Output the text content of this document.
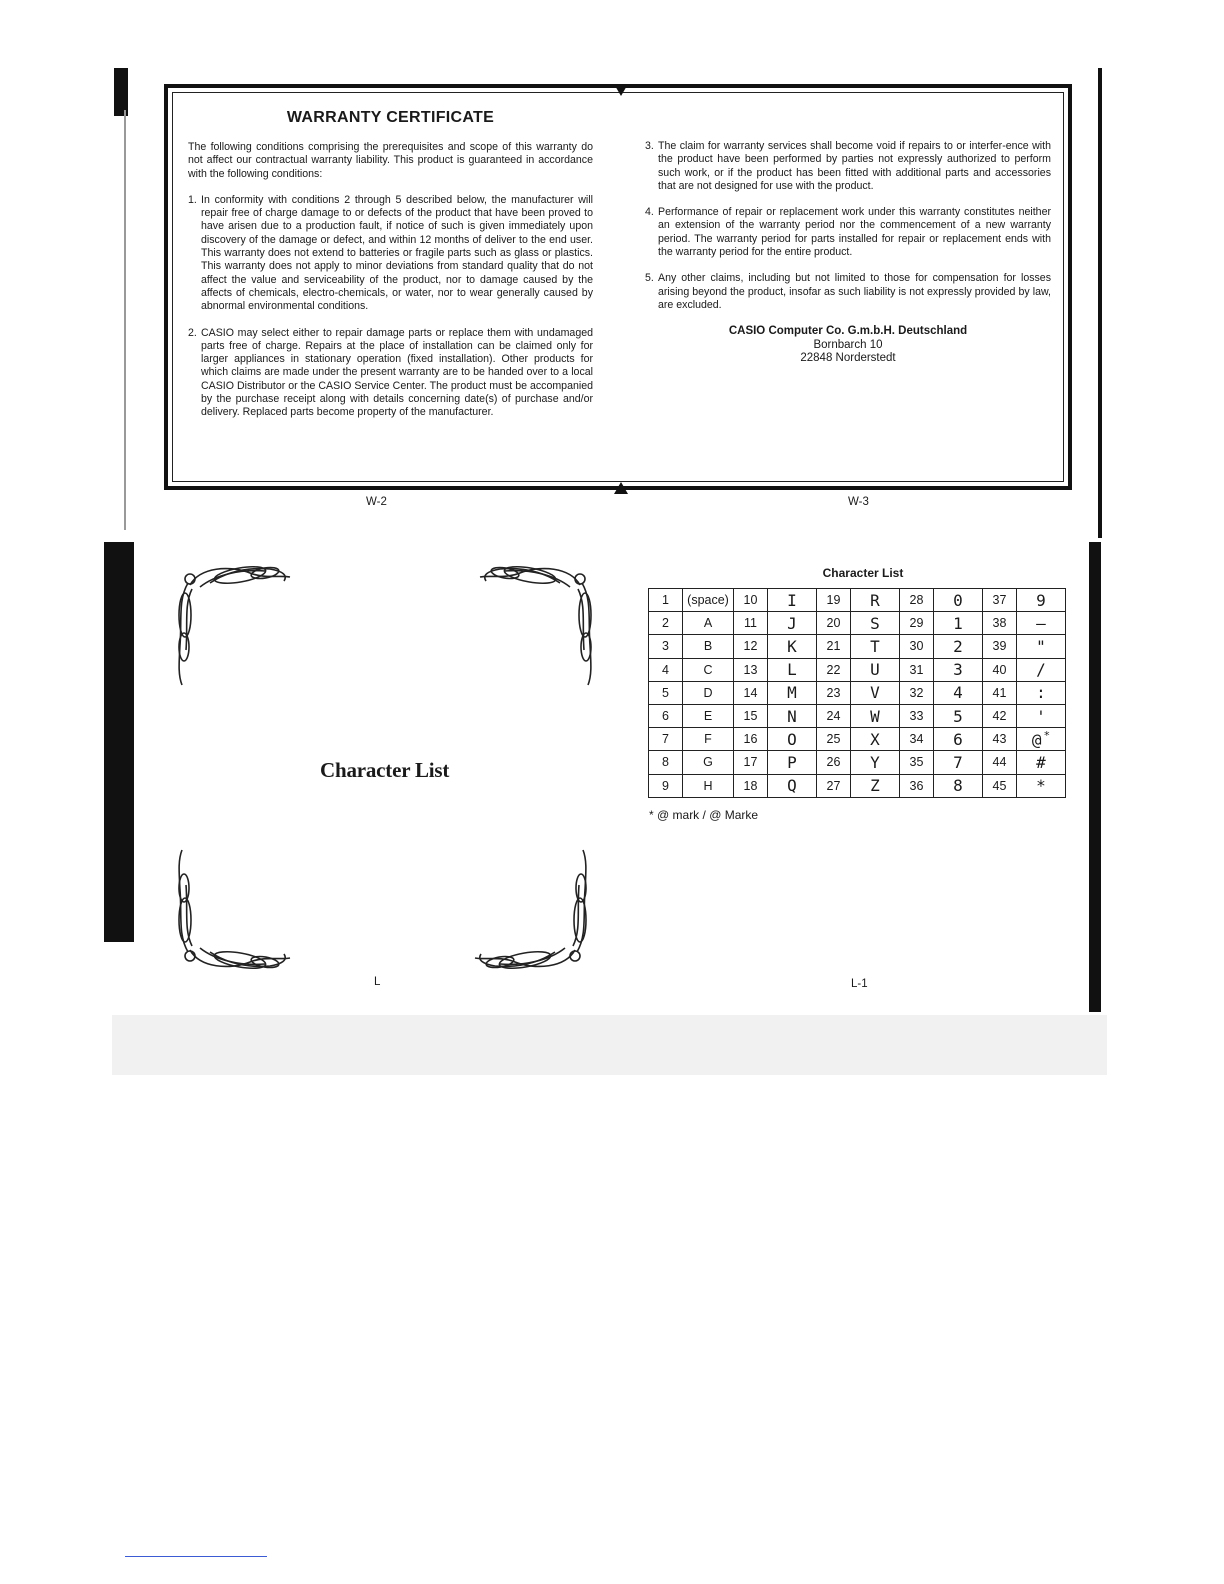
WARRANTY CERTIFICATE
The following conditions comprising the prerequisites and scope of this warranty do not affect our contractual warranty liability. This product is guaranteed in accordance with the following conditions:
1. In conformity with conditions 2 through 5 described below, the manufacturer will repair free of charge damage to or defects of the product that have been proved to have arisen due to a production fault, if notice of such is given immediately upon discovery of the damage or defect, and within 12 months of deliver to the end user. This warranty does not extend to batteries or fragile parts such as glass or plastics. This warranty does not apply to minor deviations from standard quality that do not affect the value and serviceability of the product, nor to damage caused by the affects of chemicals, electro-chemicals, or water, nor to wear generally caused by abnormal environmental conditions.
2. CASIO may select either to repair damage parts or replace them with undamaged parts free of charge. Repairs at the place of installation can be claimed only for larger appliances in stationary operation (fixed installation). Other products for which claims are made under the present warranty are to be handed over to a local CASIO Distributor or the CASIO Service Center. The product must be accompanied by the purchase receipt along with details concerning date(s) of purchase and/or delivery. Replaced parts become property of the manufacturer.
3. The claim for warranty services shall become void if repairs to or interfer-ence with the product have been performed by parties not expressly authorized to perform such work, or if the product has been fitted with additional parts and accessories that are not designed for use with the product.
4. Performance of repair or replacement work under this warranty constitutes neither an extension of the warranty period nor the commencement of a new warranty period. The warranty period for parts installed for repair or replacement ends with the warranty period for the entire product.
5. Any other claims, including but not limited to those for compensation for losses arising beyond the product, insofar as such liability is not expressly provided by law, are excluded.
CASIO Computer Co. G.m.b.H. Deutschland
Bornbarch 10
22848 Norderstedt
W-2	W-3
Character List
Character List
1	(space)	10	I	19	R	28	0	37	9
2	A	11	J	20	S	29	1	38	—
3	B	12	K	21	T	30	2	39	"
4	C	13	L	22	U	31	3	40	/
5	D	14	M	23	V	32	4	41	:
6	E	15	N	24	W	33	5	42	'
7	F	16	O	25	X	34	6	43	@ *
8	G	17	P	26	Y	35	7	44	#
9	H	18	Q	27	Z	36	8	45	*
* @ mark / @ Marke
L	L-1
